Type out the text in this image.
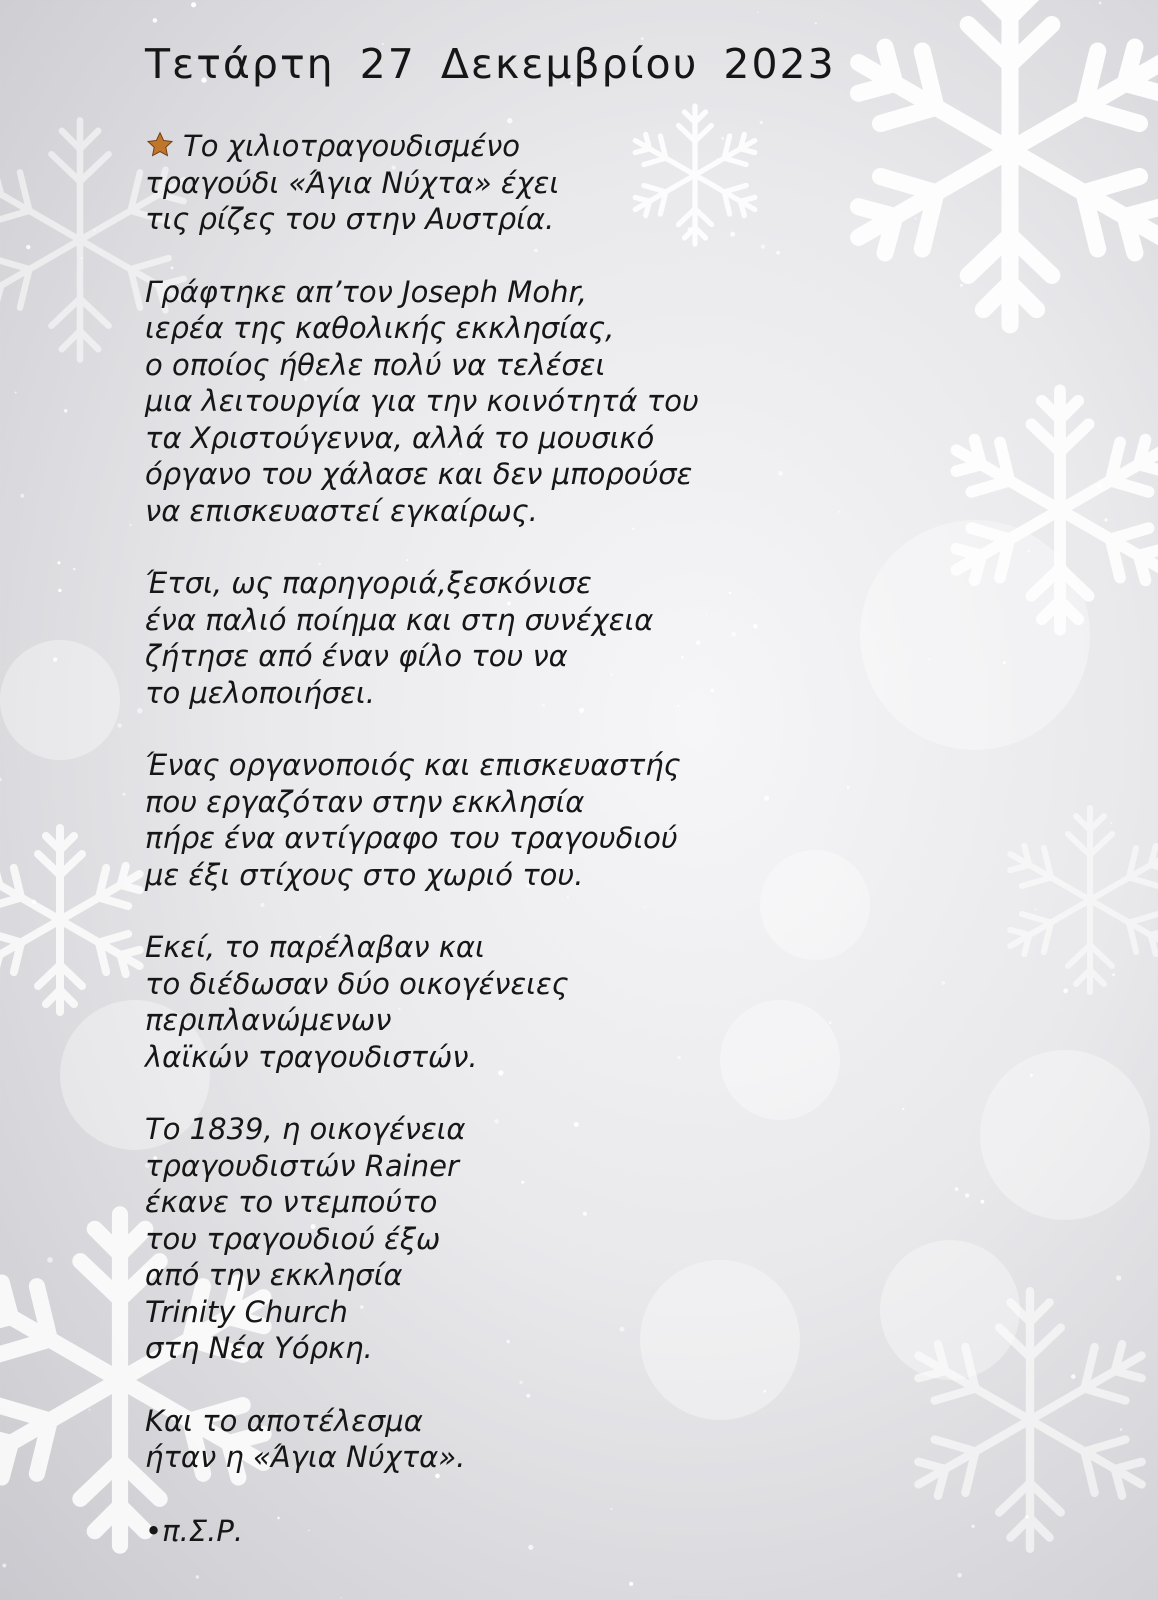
Τετάρτη 27 Δεκεμβρίου 2023

Το χιλιοτραγουδισμένο
τραγούδι «Άγια Νύχτα» έχει
τις ρίζες του στην Αυστρία.

Γράφτηκε απ’τον Joseph Mohr,
ιερέα της καθολικής εκκλησίας,
ο οποίος ήθελε πολύ να τελέσει
μια λειτουργία για την κοινότητά του
τα Χριστούγεννα, αλλά το μουσικό
όργανο του χάλασε και δεν μπορούσε
να επισκευαστεί εγκαίρως.

Έτσι, ως παρηγοριά,ξεσκόνισε
ένα παλιό ποίημα και στη συνέχεια
ζήτησε από έναν φίλο του να
το μελοποιήσει.

Ένας οργανοποιός και επισκευαστής
που εργαζόταν στην εκκλησία
πήρε ένα αντίγραφο του τραγουδιού
με έξι στίχους στο χωριό του.

Εκεί, το παρέλαβαν και
το διέδωσαν δύο οικογένειες
περιπλανώμενων
λαϊκών τραγουδιστών.

Το 1839, η οικογένεια
τραγουδιστών Rainer
έκανε το ντεμπούτο
του τραγουδιού έξω
από την εκκλησία
Trinity Church
στη Νέα Υόρκη.

Και το αποτέλεσμα
ήταν η «Άγια Νύχτα».

•π.Σ.Ρ.
